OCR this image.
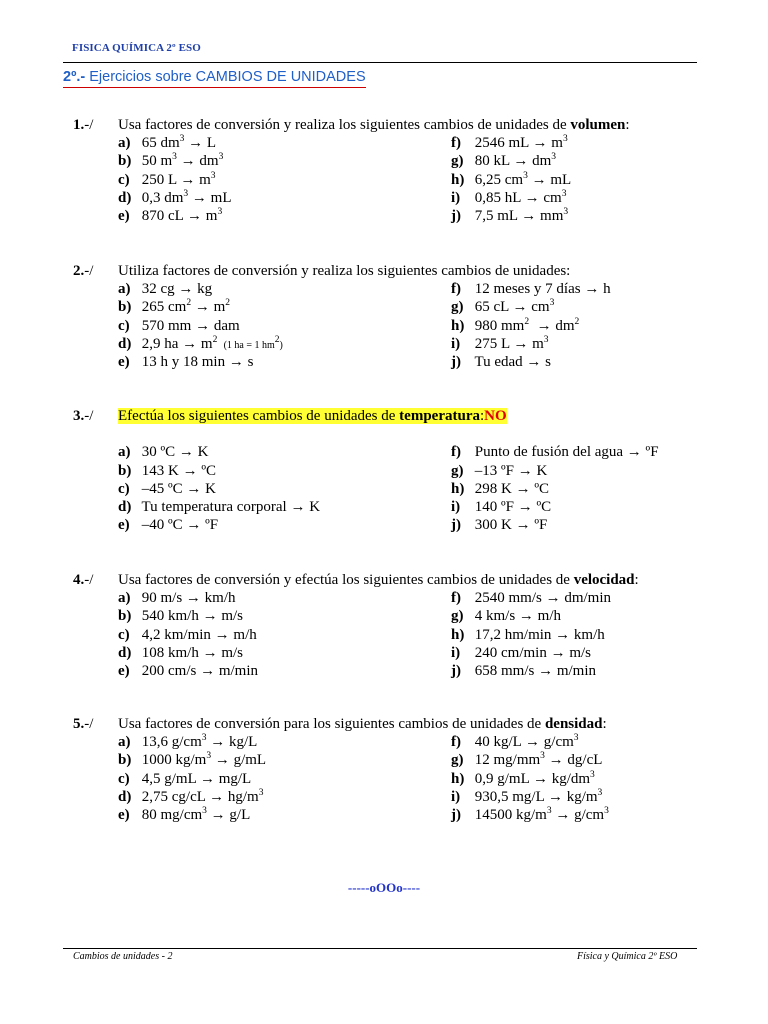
FISICA QUÍMICA 2º ESO
2º.- Ejercicios sobre CAMBIOS DE UNIDADES
1.-/ Usa factores de conversión y realiza los siguientes cambios de unidades de volumen:
a) 65 $dm^3 \to L$
b) 50 $m^3 \to dm^3$
c) 250 $L \to m^3$
d) 0,3 $dm^3$ → mL
e) 870 cL → $m^3$
f) 2546 mL → $m^3$
g) 80 kL → $dm^3$
h) 6,25 $cm^3$ → mL
i) 0,85 hL → $cm^3$
j) 7,5 mL → $mm^3$
2.-/ Utiliza factores de conversión y realiza los siguientes cambios de unidades:
a) 32 cg → kg
b) 265 $cm^2 \to m^2$
c) 570 mm → dam
d) 2,9 ha → $m^2$  (1 ha = 1 $hm^2$)
e) 13 h y 18 min → s
f) 12 meses y 7 días → h
g) 65 cL → $cm^3$
h) 980 $mm^2 \to dm^2$
i) 275 $L \to m^3$
j) Tu edad → s
3.-/ Efectúa los siguientes cambios de unidades de temperatura:NO
a) 30 ºC → K
b) 143 K → ºC
c) –45 ºC → K
d) Tu temperatura corporal → K
e) –40 ºC → ºF
f) Punto de fusión del agua → ºF
g) –13 ºF → K
h) 298 K → ºC
i) 140 ºF → ºC
j) 300 K → ºF
4.-/ Usa factores de conversión y efectúa los siguientes cambios de unidades de velocidad:
a) 90 m/s → km/h
b) 540 km/h → m/s
c) 4,2 km/min → m/h
d) 108 km/h → m/s
e) 200 cm/s → m/min
f) 2540 mm/s → dm/min
g) 4 km/s → m/h
h) 17,2 hm/min → km/h
i) 240 cm/min → m/s
j) 658 mm/s → m/min
5.-/ Usa factores de conversión para los siguientes cambios de unidades de densidad:
a) 13,6 $g/cm^3 \to kg/L$
b) 1000 $kg/m^3 \to g/mL$
c) 4,5 g/mL → mg/L
d) 2,75 $cg/cL \to hg/m^3$
e) 80 $mg/cm^3 \to g/L$
f) 40 $kg/L \to g/cm^3$
g) 12 $mg/mm^3 \to dg/cL$
h) 0,9 $g/mL \to kg/dm^3$
i) 930,5 $mg/L \to kg/m^3$
j) 14500 $kg/m^3 \to g/cm^3$
-----oOOo----
Cambios de unidades - 2	Física y Química 2º ESO
